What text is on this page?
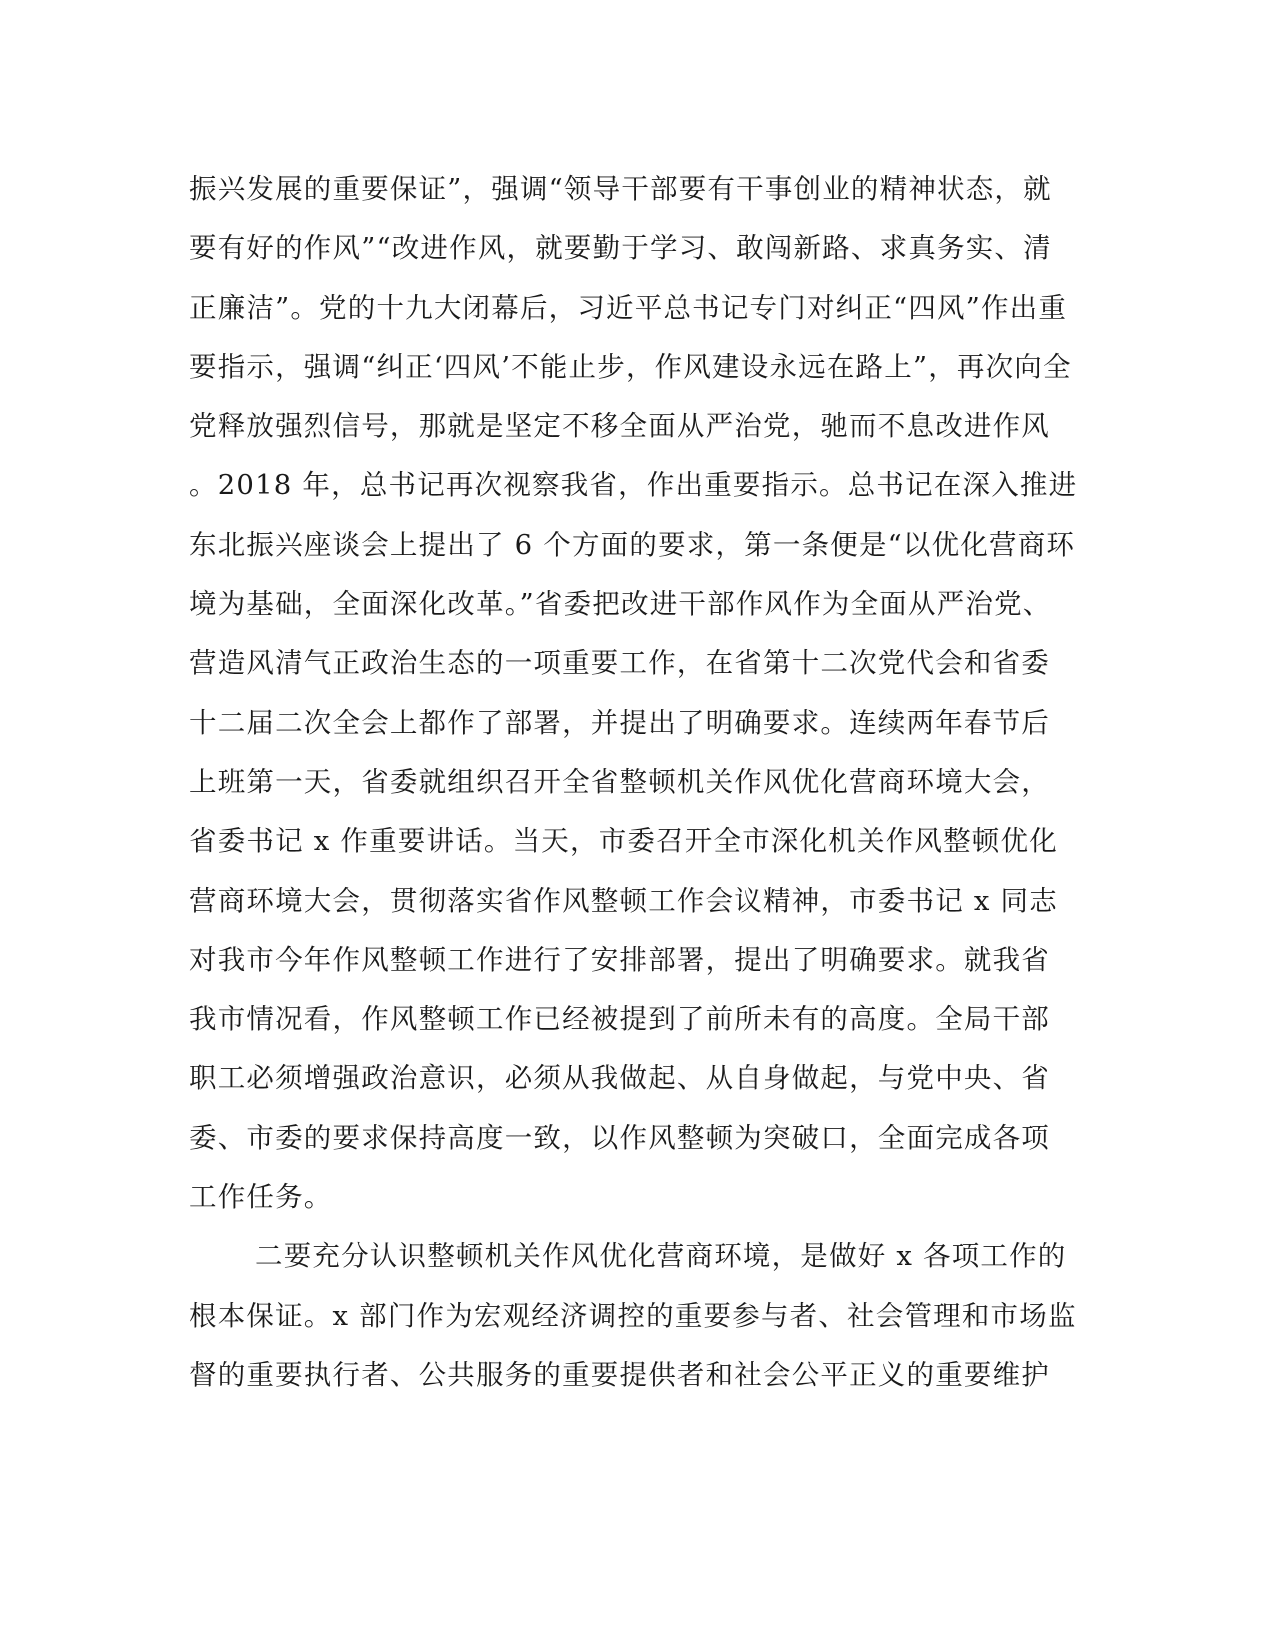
振兴发展的重要保证”，强调“领导干部要有干事创业的精神状态，就
要有好的作风”“改进作风，就要勤于学习、敢闯新路、求真务实、清
正廉洁”。党的十九大闭幕后，习近平总书记专门对纠正“四风”作出重
要指示，强调“纠正‘四风’不能止步，作风建设永远在路上”，再次向全
党释放强烈信号，那就是坚定不移全面从严治党，驰而不息改进作风
。2018 年，总书记再次视察我省，作出重要指示。总书记在深入推进
东北振兴座谈会上提出了 6 个方面的要求，第一条便是“以优化营商环
境为基础，全面深化改革。”省委把改进干部作风作为全面从严治党、
营造风清气正政治生态的一项重要工作，在省第十二次党代会和省委
十二届二次全会上都作了部署，并提出了明确要求。连续两年春节后
上班第一天，省委就组织召开全省整顿机关作风优化营商环境大会，
省委书记 x 作重要讲话。当天，市委召开全市深化机关作风整顿优化
营商环境大会，贯彻落实省作风整顿工作会议精神，市委书记 x 同志
对我市今年作风整顿工作进行了安排部署，提出了明确要求。就我省
我市情况看，作风整顿工作已经被提到了前所未有的高度。全局干部
职工必须增强政治意识，必须从我做起、从自身做起，与党中央、省
委、市委的要求保持高度一致，以作风整顿为突破口，全面完成各项
工作任务。
二要充分认识整顿机关作风优化营商环境，是做好 x 各项工作的
根本保证。x 部门作为宏观经济调控的重要参与者、社会管理和市场监
督的重要执行者、公共服务的重要提供者和社会公平正义的重要维护
